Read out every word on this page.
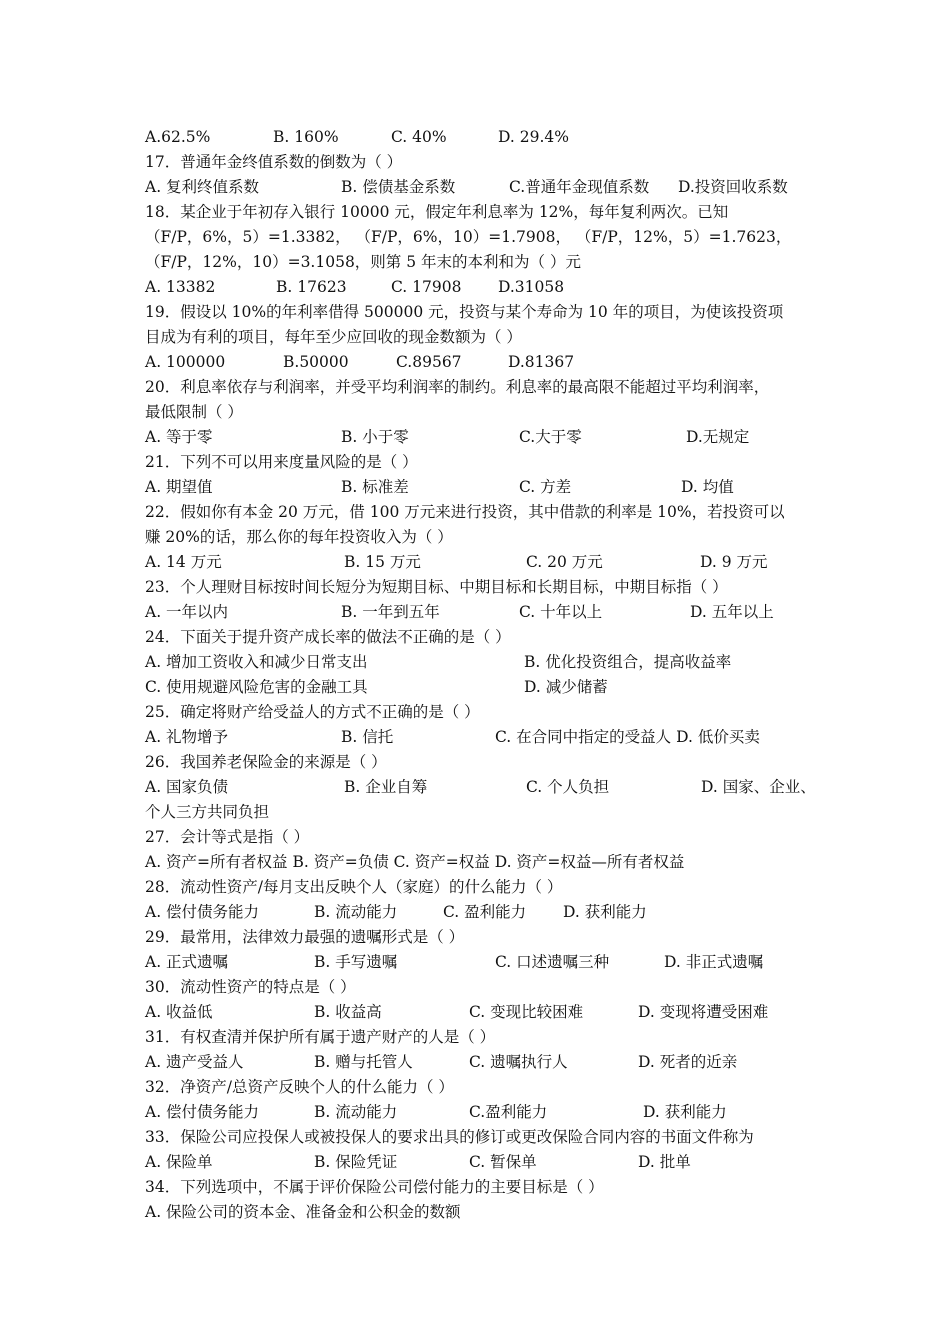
A.62.5%	B. 160%	C. 40%	D. 29.4%
17．普通年金终值系数的倒数为（ ）
A. 复利终值系数	B. 偿债基金系数	C.普通年金现值系数 D.投资回收系数
18．某企业于年初存入银行 10000 元，假定年利息率为 12%，每年复利两次。已知
（F/P，6%，5）=1.3382， （F/P，6%，10）=1.7908， （F/P，12%，5）=1.7623，
（F/P，12%，10）=3.1058，则第 5 年末的本利和为（ ）元
A. 13382	B. 17623	C. 17908 D.31058
19．假设以 10%的年利率借得 500000 元，投资与某个寿命为 10 年的项目，为使该投资项
目成为有利的项目，每年至少应回收的现金数额为（ ）
A. 100000	B.50000	C.89567	D.81367
20．利息率依存与利润率，并受平均利润率的制约。利息率的最高限不能超过平均利润率，
最低限制（ ）
A. 等于零	B. 小于零	C.大于零	D.无规定
21．下列不可以用来度量风险的是（ ）
A. 期望值	B. 标准差	C. 方差	D. 均值
22．假如你有本金 20 万元，借 100 万元来进行投资，其中借款的利率是 10%，若投资可以
赚 20%的话，那么你的每年投资收入为（ ）
A. 14 万元	B. 15 万元	C. 20 万元	D. 9 万元
23．个人理财目标按时间长短分为短期目标、中期目标和长期目标，中期目标指（ ）
A. 一年以内	B. 一年到五年	C. 十年以上	D. 五年以上
24．下面关于提升资产成长率的做法不正确的是（ ）
A. 增加工资收入和减少日常支出	B. 优化投资组合，提高收益率
C. 使用规避风险危害的金融工具	D. 减少储蓄
25．确定将财产给受益人的方式不正确的是（ ）
A. 礼物增予	B. 信托	C. 在合同中指定的受益人 D. 低价买卖
26．我国养老保险金的来源是（ ）
A. 国家负债	B. 企业自筹	C. 个人负担	D. 国家、企业、
个人三方共同负担
27．会计等式是指（ ）
A. 资产=所有者权益 B. 资产=负债 C. 资产=权益 D. 资产=权益—所有者权益
28．流动性资产/每月支出反映个人（家庭）的什么能力（ ）
A. 偿付债务能力	B. 流动能力	C. 盈利能力 D. 获利能力
29．最常用，法律效力最强的遗嘱形式是（ ）
A. 正式遗嘱	B. 手写遗嘱	C. 口述遗嘱三种	D. 非正式遗嘱
30．流动性资产的特点是（ ）
A. 收益低	B. 收益高	C. 变现比较困难	D. 变现将遭受困难
31．有权查清并保护所有属于遗产财产的人是（ ）
A. 遗产受益人	B. 赠与托管人	C. 遗嘱执行人	D. 死者的近亲
32．净资产/总资产反映个人的什么能力（ ）
A. 偿付债务能力	B. 流动能力	C.盈利能力	D. 获利能力
33．保险公司应投保人或被投保人的要求出具的修订或更改保险合同内容的书面文件称为
A. 保险单	B. 保险凭证	C. 暂保单	D. 批单
34．下列选项中，不属于评价保险公司偿付能力的主要目标是（ ）
A. 保险公司的资本金、准备金和公积金的数额
